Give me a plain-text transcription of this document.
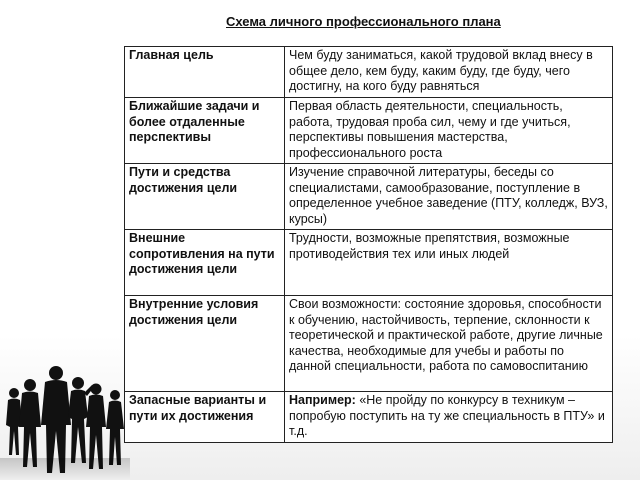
Схема личного профессионального плана
Главная цель	Чем буду заниматься, какой трудовой вклад внесу в общее дело, кем буду, каким буду, где буду, чего достигну, на кого буду равняться
Ближайшие задачи и более отдаленные перспективы	Первая область деятельности, специальность, работа, трудовая проба сил, чему и где учиться, перспективы повышения мастерства, профессионального роста
Пути и средства достижения цели	Изучение справочной литературы, беседы со специалистами, самообразование, поступление в определенное учебное заведение (ПТУ, колледж, ВУЗ, курсы)
Внешние сопротивления на пути достижения цели	Трудности, возможные препятствия, возможные противодействия тех или иных людей
Внутренние условия достижения цели	Свои возможности: состояние здоровья, способности к обучению, настойчивость, терпение, склонности к теоретической и практической работе, другие личные качества, необходимые для учебы и работы по данной специальности, работа по самовоспитанию
Запасные варианты и пути их достижения	Например: «Не пройду по конкурсу в техникум – попробую поступить на ту же специальность в ПТУ» и т.д.
